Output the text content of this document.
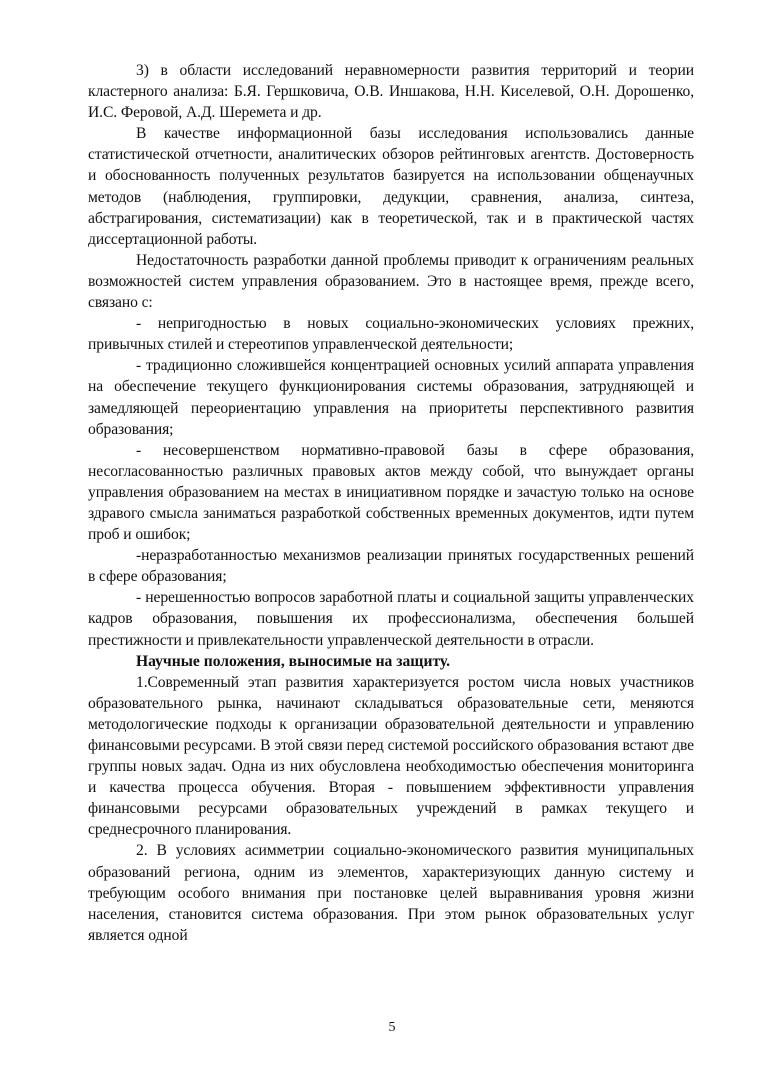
3) в области исследований неравномерности развития территорий и теории кластерного анализа: Б.Я. Гершковича, О.В. Иншакова, Н.Н. Киселевой, О.Н. Дорошенко, И.С. Феровой, А.Д. Шеремета и др.

В качестве информационной базы исследования использовались данные статистической отчетности, аналитических обзоров рейтинговых агентств. Достоверность и обоснованность полученных результатов базируется на использовании общенаучных методов (наблюдения, группировки, дедукции, сравнения, анализа, синтеза, абстрагирования, систематизации) как в теоретической, так и в практической частях диссертационной работы.

Недостаточность разработки данной проблемы приводит к ограничениям реальных возможностей систем управления образованием. Это в настоящее время, прежде всего, связано с:

- непригодностью в новых социально-экономических условиях прежних, привычных стилей и стереотипов управленческой деятельности;

- традиционно сложившейся концентрацией основных усилий аппарата управления на обеспечение текущего функционирования системы образования, затрудняющей и замедляющей переориентацию управления на приоритеты перспективного развития образования;

- несовершенством нормативно-правовой базы в сфере образования, несогласованностью различных правовых актов между собой, что вынуждает органы управления образованием на местах в инициативном порядке и зачастую только на основе здравого смысла заниматься разработкой собственных временных документов, идти путем проб и ошибок;

-неразработанностью механизмов реализации принятых государственных решений в сфере образования;

- нерешенностью вопросов заработной платы и социальной защиты управленческих кадров образования, повышения их профессионализма, обеспечения большей престижности и привлекательности управленческой деятельности в отрасли.

Научные положения, выносимые на защиту.

1.Современный этап развития характеризуется ростом числа новых участников образовательного рынка, начинают складываться образовательные сети, меняются методологические подходы к организации образовательной деятельности и управлению финансовыми ресурсами. В этой связи перед системой российского образования встают две группы новых задач. Одна из них обусловлена необходимостью обеспечения мониторинга и качества процесса обучения. Вторая - повышением эффективности управления финансовыми ресурсами образовательных учреждений в рамках текущего и среднесрочного планирования.

2. В условиях асимметрии социально-экономического развития муниципальных образований региона, одним из элементов, характеризующих данную систему и требующим особого внимания при постановке целей выравнивания уровня жизни населения, становится система образования. При этом рынок образовательных услуг является одной

5
